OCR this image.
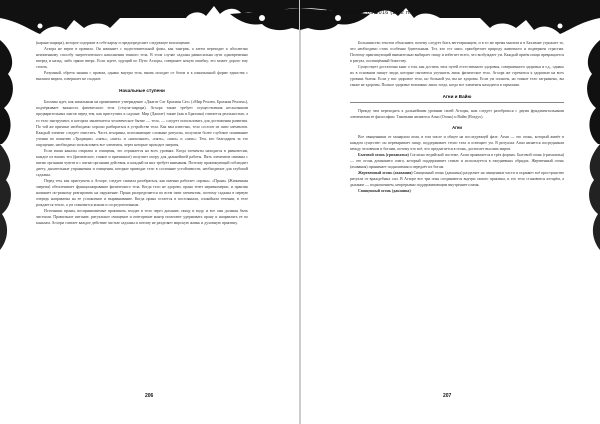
ТРАДИЦИИ И ПРОРОКИ

(карана-шарира), которое содержит в себе карму и предопределяет следующее воплощение.

Агхора не верит в правила. Он начинает с подготовительной фазы, как тантрик, а затем переходит к абсолютно неизменному способу энергетического наполнения тонкого тела. В этом случае садхана равносильна пути одновременно вперед и назад, либо прямо вверх. Если идете, идущий по Пути Агхоры, совершает некую ошибку, это может дорого ему стоить.

Разумный, обретя знания с правом, однако внутри тела, вновь исходит от богов и к изначальной форме единства с высшим миром, совершает не сходное.

Начальные ступени

Баххван идет, как начальным на применимое утверждение «Джагат Сат Брахман Сат» («Мир Реален, Брахман Реален»), подчёркивает важность физического тела (стхула-шарира). Агхора также требует осуществления несколькими предварительных шагов перед тем, как приступить к садхане. Мир (Джагат) также (как и Брахман) считается реальностью, а то тело инструмент, в котором заключается человеческое бытие — тело, — следует использовать для достижения развития. По той же причине необходимо хорошо разбираться в устройстве тела. Как вам известно, тело состоит из пяти элементов. Каждый элемент следует очистить. Часть агхорины, исполняющие сложные ритуалы, получили более глубокое понимание учения по понятию «Традиции» «пять», «пять» и «напольное», «пять», «пять» и «пять». Тем, кто благодарен за это ощущение, необходимо использовать все элементы, через которые проходит энергия.

Если ваши каналы открыты и очищены, это отражается на всех уровнях. Когда элементы находятся в равновесии, каждое из ваших тел (физическое, тонкое и причинное) получает опору для дальнейшей работы. Пять элементов связаны с пятью органами чувств и с пятью органами действия, и каждый из них требует внимания. Поэтому практикующий соблюдает диету, дыхательные упражнения и очищения, которые приводят тело в состояние устойчивости, необходимое для глубокой садханы.

Перед тем, как приступить к Агхоре, следует сначала разобраться, как именно работает «прана». «Прана» (Жизненная энергия) обеспечивает функционирование физического тела. Когда тело не здорово, прана течет неравномерно, и практик начинает по-разному реагировать на окружение. Прана распределяется по всем пяти элементам, поэтому садхана в первую очередь направлена на ее успокоение и выравнивание. Когда прана остается в постоянном, спокойном течении, в теле рождается тепло, а ум становится ясным и сосредоточенным.

Источники праны, воспринимаемые практиком, входят в тело через дыхание, пищу и воду, и все они должны быть чистыми. Правильное питание, ритуальное очищение и повторение мантр помогают удерживать прану и направлять ее по каналам. Агхори считает каждое действие частью садханы и потому не разделяет мирскую жизнь и духовную практику.

206
АПОКРИФ № 3, 05.2016 (25.2 п.л.)

Большинство текстов объясняют, почему следует быть вегетарианцем, и в то же время многим и в Баххване угрожает то, что необходимо стать особенно бдительным. Тот, кто ест мясо, приобретает природу животного и подвержен страстям. Поэтому практикующий внимательно выбирает пищу и избегает всего, что возбуждает ум. Каждый приём пищи превращается в ритуал, посвящённый божеству.

Существует достаточно книг о том, как достичь этих путей естественного здоровья, совершенного здоровья и т.д., однако их в основном пишут люди, которые пытаются улучшить лишь физическое тело. Агхора же стремится к здоровью на всех уровнях бытия. Если у вас здоровое тело, но больной ум, вы не здоровы. Если ум спокоен, но тонкое тело загрязнено, вы также не здоровы. Полное здоровье возможно лишь тогда, когда все элементы находятся в гармонии.

Агни и Вайю

Прежде чем переходить к дальнейшим уровням своей Агхоры, нам следует разобраться с двумя фундаментальными элементами ее философии. Таковыми являются Агни (Огонь) и Вайю (Воздух).

Агни

Все священники от монархии агни, в том числе и общее на последующей фазе. Агни — это огонь, который живёт в каждом существе: он переваривает пищу, поддерживает тепло тела и освещает ум. В ритуалах Агни является посредником между человеком и богами, потому что всё, что предлагается в огонь, достигает высших миров.

Бытовой огонь (грихапатья) Согласно ведийской системе, Агни проявляется в трёх формах. Бытовой огонь (грихапатья) — это огонь домашнего очага, который поддерживает семью и используется в ежедневных обрядах. Жертвенный огонь (ахавания) принимает подношения и передаёт их богам.

Жертвенный огонь (ахавания) Священный огонь (дакшина) разделяет на священные части и охраняет всё пространство ритуала от враждебных сил. В Агхоре все три огня соединяются внутри самого практика, и его тело становится алтарём, а дыхание — подношением, непрерывно поддерживающим внутреннее пламя.

Священный огонь (дакшина)

207
